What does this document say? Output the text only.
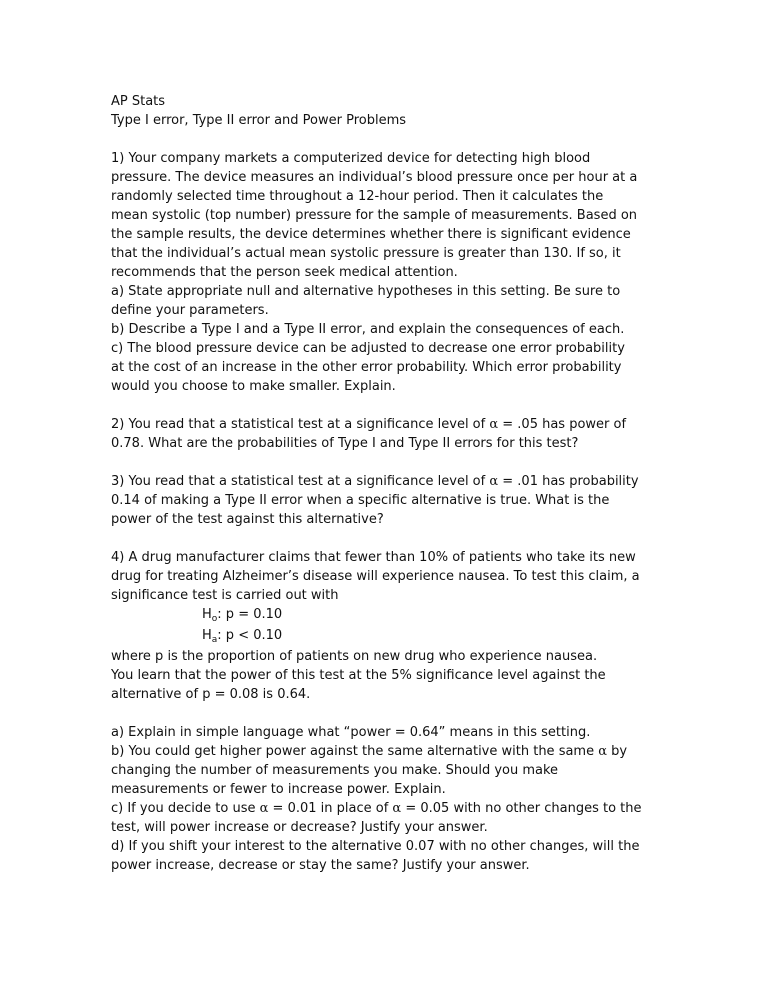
AP Stats
Type I error, Type II error and Power Problems
1) Your company markets a computerized device for detecting high blood
pressure. The device measures an individual’s blood pressure once per hour at a
randomly selected time throughout a 12-hour period. Then it calculates the
mean systolic (top number) pressure for the sample of measurements. Based on
the sample results, the device determines whether there is significant evidence
that the individual’s actual mean systolic pressure is greater than 130. If so, it
recommends that the person seek medical attention.
a) State appropriate null and alternative hypotheses in this setting. Be sure to
define your parameters.
b) Describe a Type I and a Type II error, and explain the consequences of each.
c) The blood pressure device can be adjusted to decrease one error probability
at the cost of an increase in the other error probability. Which error probability
would you choose to make smaller. Explain.
2) You read that a statistical test at a significance level of α = .05 has power of
0.78. What are the probabilities of Type I and Type II errors for this test?
3) You read that a statistical test at a significance level of α = .01 has probability
0.14 of making a Type II error when a specific alternative is true. What is the
power of the test against this alternative?
4) A drug manufacturer claims that fewer than 10% of patients who take its new
drug for treating Alzheimer’s disease will experience nausea. To test this claim, a
significance test is carried out with
$H_o$: p = 0.10
$H_a$: p < 0.10
where p is the proportion of patients on new drug who experience nausea.
You learn that the power of this test at the 5% significance level against the
alternative of p = 0.08 is 0.64.
a) Explain in simple language what “power = 0.64” means in this setting.
b) You could get higher power against the same alternative with the same α by
changing the number of measurements you make. Should you make
measurements or fewer to increase power. Explain.
c) If you decide to use α = 0.01 in place of α = 0.05 with no other changes to the
test, will power increase or decrease? Justify your answer.
d) If you shift your interest to the alternative 0.07 with no other changes, will the
power increase, decrease or stay the same? Justify your answer.
